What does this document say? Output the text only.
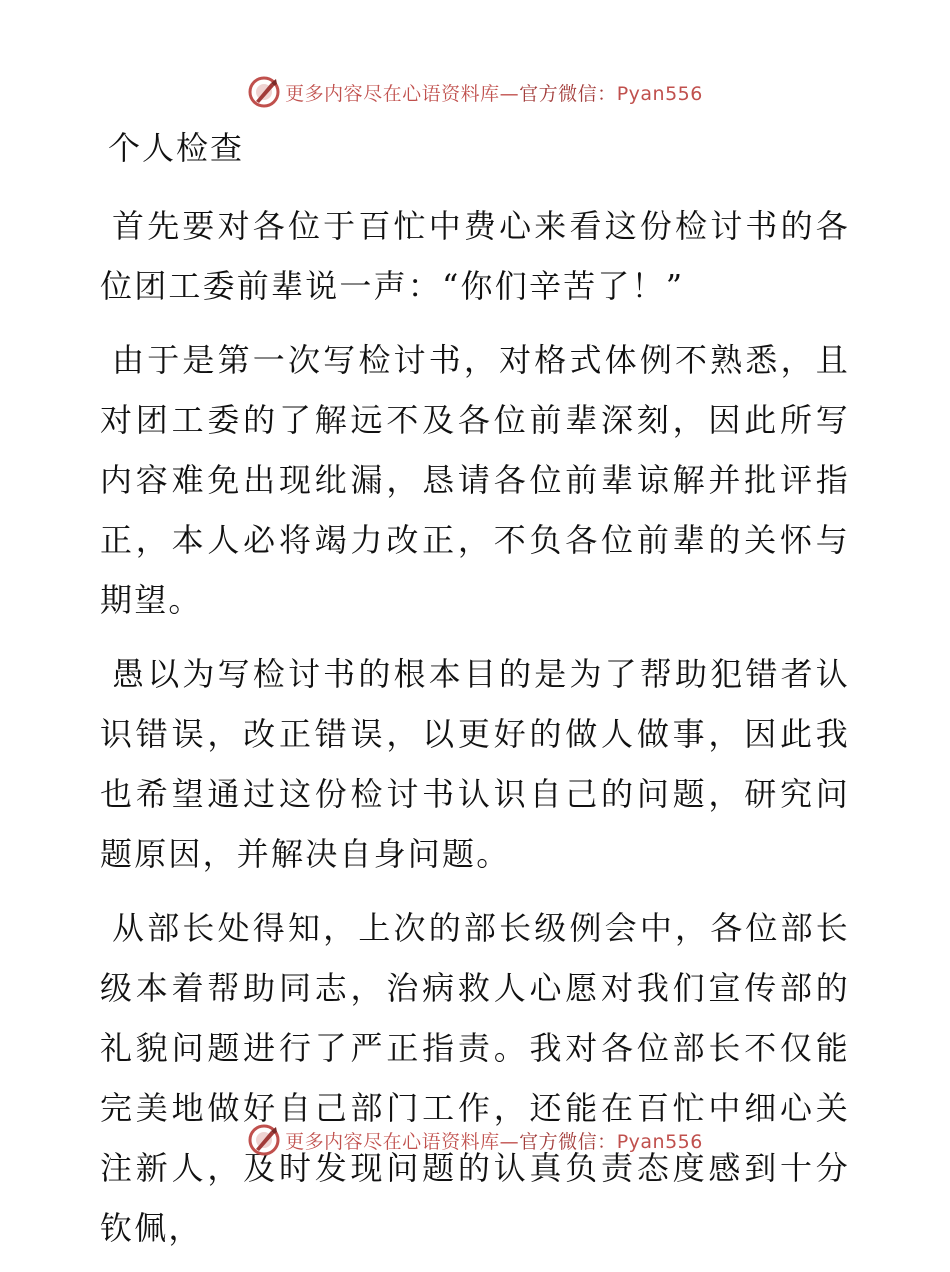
更多内容尽在心语资料库—官方微信：Pyan556
个人检查

首先要对各位于百忙中费心来看这份检讨书的各位团工委前辈说一声：“你们辛苦了！”

由于是第一次写检讨书，对格式体例不熟悉，且对团工委的了解远不及各位前辈深刻，因此所写内容难免出现纰漏，恳请各位前辈谅解并批评指正，本人必将竭力改正，不负各位前辈的关怀与期望。

愚以为写检讨书的根本目的是为了帮助犯错者认识错误，改正错误，以更好的做人做事，因此我也希望通过这份检讨书认识自己的问题，研究问题原因，并解决自身问题。

从部长处得知，上次的部长级例会中，各位部长级本着帮助同志，治病救人心愿对我们宣传部的礼貌问题进行了严正指责。我对各位部长不仅能完美地做好自己部门工作，还能在百忙中细心关注新人，及时发现问题的认真负责态度感到十分钦佩，

更多内容尽在心语资料库—官方微信：Pyan556
